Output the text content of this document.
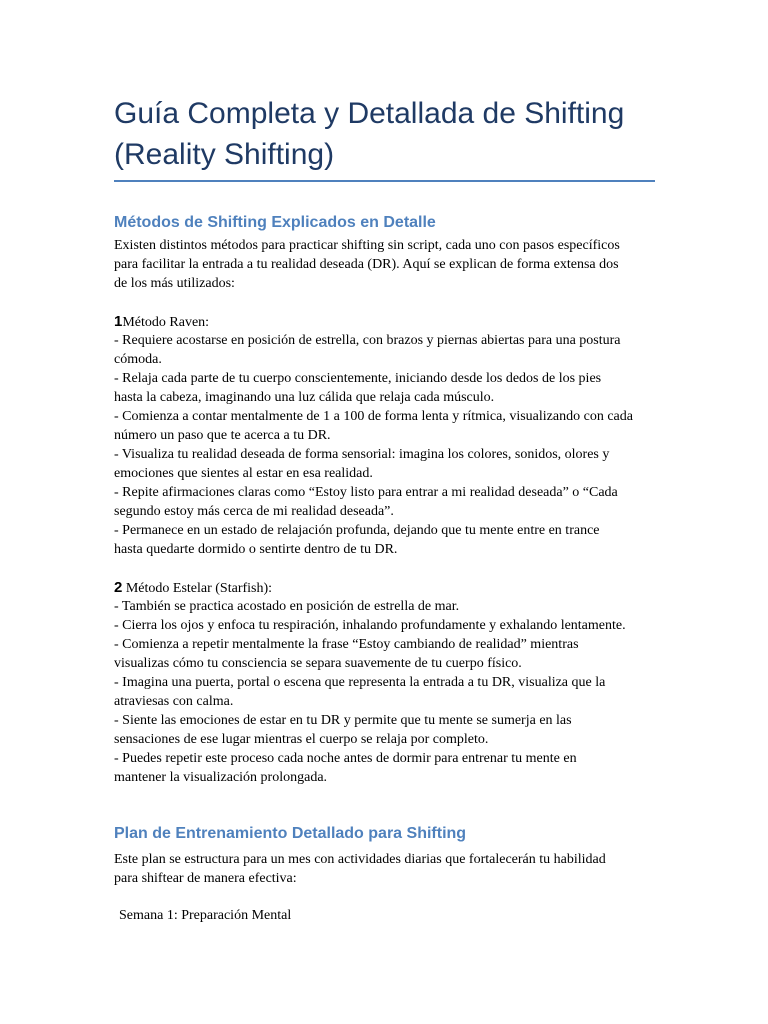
Guía Completa y Detallada de Shifting
(Reality Shifting)
Métodos de Shifting Explicados en Detalle
Existen distintos métodos para practicar shifting sin script, cada uno con pasos específicos
para facilitar la entrada a tu realidad deseada (DR). Aquí se explican de forma extensa dos
de los más utilizados:
1Método Raven:
- Requiere acostarse en posición de estrella, con brazos y piernas abiertas para una postura
cómoda.
- Relaja cada parte de tu cuerpo conscientemente, iniciando desde los dedos de los pies
hasta la cabeza, imaginando una luz cálida que relaja cada músculo.
- Comienza a contar mentalmente de 1 a 100 de forma lenta y rítmica, visualizando con cada
número un paso que te acerca a tu DR.
- Visualiza tu realidad deseada de forma sensorial: imagina los colores, sonidos, olores y
emociones que sientes al estar en esa realidad.
- Repite afirmaciones claras como “Estoy listo para entrar a mi realidad deseada” o “Cada
segundo estoy más cerca de mi realidad deseada”.
- Permanece en un estado de relajación profunda, dejando que tu mente entre en trance
hasta quedarte dormido o sentirte dentro de tu DR.
2 Método Estelar (Starfish):
- También se practica acostado en posición de estrella de mar.
- Cierra los ojos y enfoca tu respiración, inhalando profundamente y exhalando lentamente.
- Comienza a repetir mentalmente la frase “Estoy cambiando de realidad” mientras
visualizas cómo tu consciencia se separa suavemente de tu cuerpo físico.
- Imagina una puerta, portal o escena que representa la entrada a tu DR, visualiza que la
atraviesas con calma.
- Siente las emociones de estar en tu DR y permite que tu mente se sumerja en las
sensaciones de ese lugar mientras el cuerpo se relaja por completo.
- Puedes repetir este proceso cada noche antes de dormir para entrenar tu mente en
mantener la visualización prolongada.
Plan de Entrenamiento Detallado para Shifting
Este plan se estructura para un mes con actividades diarias que fortalecerán tu habilidad
para shiftear de manera efectiva:
Semana 1: Preparación Mental
